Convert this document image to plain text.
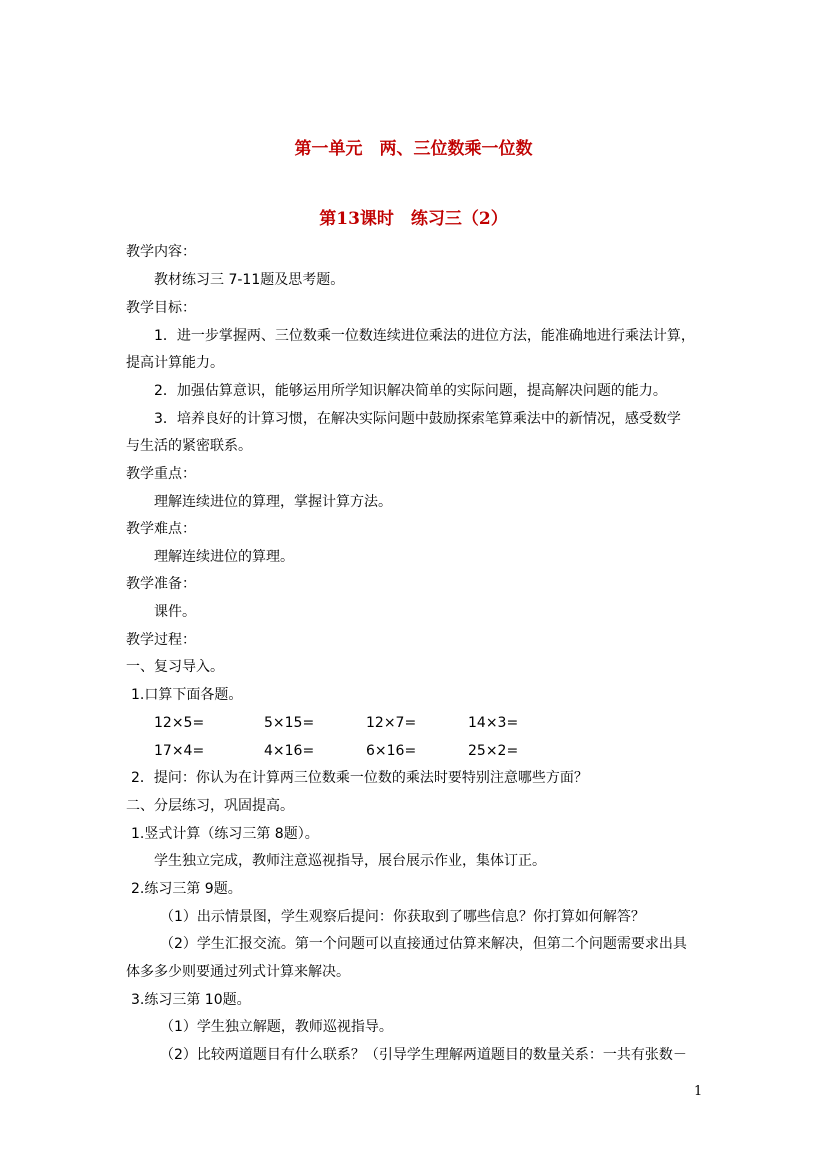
第一单元　两、三位数乘一位数
第13课时　练习三（2）
教学内容：
教材练习三 7-11题及思考题。
教学目标：
1．进一步掌握两、三位数乘一位数连续进位乘法的进位方法，能准确地进行乘法计算，
提高计算能力。
2．加强估算意识，能够运用所学知识解决简单的实际问题，提高解决问题的能力。
3．培养良好的计算习惯，在解决实际问题中鼓励探索笔算乘法中的新情况，感受数学
与生活的紧密联系。
教学重点：
理解连续进位的算理，掌握计算方法。
教学难点：
理解连续进位的算理。
教学准备：
课件。
教学过程：
一、复习导入。
1.口算下面各题。
12×5=	5×15=	12×7=	14×3=
17×4=	4×16=	6×16=	25×2=
2．提问：你认为在计算两三位数乘一位数的乘法时要特别注意哪些方面？
二、分层练习，巩固提高。
1.竖式计算（练习三第 8题）。
学生独立完成，教师注意巡视指导，展台展示作业，集体订正。
2.练习三第 9题。
（1）出示情景图，学生观察后提问：你获取到了哪些信息？你打算如何解答？
（2）学生汇报交流。第一个问题可以直接通过估算来解决，但第二个问题需要求出具
体多多少则要通过列式计算来解决。
3.练习三第 10题。
（1）学生独立解题，教师巡视指导。
（2）比较两道题目有什么联系？（引导学生理解两道题目的数量关系：一共有张数－
1
